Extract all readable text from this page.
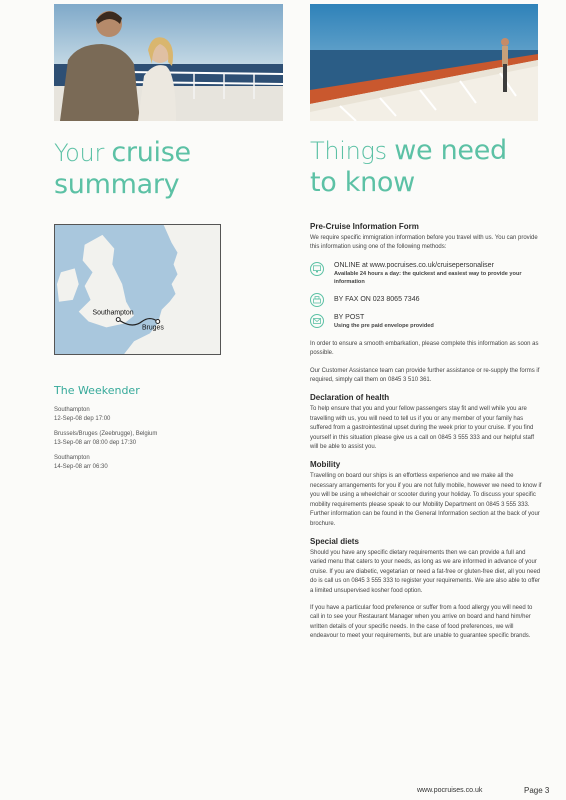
Your cruise
summary
Things we need
to know
Southampton
Bruges
The Weekender
Southampton
12-Sep-08 dep 17:00
Brussels/Bruges (Zeebrugge), Belgium
13-Sep-08 arr 08:00 dep 17:30
Southampton
14-Sep-08 arr 06:30
Pre-Cruise Information Form
We require specific immigration information before you travel with us. You can provide this information using one of the following methods:
ONLINE at www.pocruises.co.uk/cruisepersonaliser
Available 24 hours a day: the quickest and easiest way to provide your information
BY FAX ON 023 8065 7346
BY POST
Using the pre paid envelope provided
In order to ensure a smooth embarkation, please complete this information as soon as possible.
Our Customer Assistance team can provide further assistance or re-supply the forms if required, simply call them on 0845 3 510 361.
Declaration of health
To help ensure that you and your fellow passengers stay fit and well while you are travelling with us, you will need to tell us if you or any member of your family has suffered from a gastrointestinal upset during the week prior to your cruise. If you find yourself in this situation please give us a call on 0845 3 555 333 and our helpful staff will be able to assist you.
Mobility
Travelling on board our ships is an effortless experience and we make all the necessary arrangements for you if you are not fully mobile, however we need to know if you will be using a wheelchair or scooter during your holiday. To discuss your specific mobility requirements please speak to our Mobility Department on 0845 3 555 333. Further information can be found in the General Information section at the back of your brochure.
Special diets
Should you have any specific dietary requirements then we can provide a full and varied menu that caters to your needs, as long as we are informed in advance of your cruise. If you are diabetic, vegetarian or need a fat-free or gluten-free diet, all you need do is call us on 0845 3 555 333 to register your requirements. We are also able to offer a limited unsupervised kosher food option.
If you have a particular food preference or suffer from a food allergy you will need to call in to see your Restaurant Manager when you arrive on board and hand him/her written details of your specific needs. In the case of food preferences, we will endeavour to meet your requirements, but are unable to guarantee specific brands.
www.pocruises.co.uk	Page 3
